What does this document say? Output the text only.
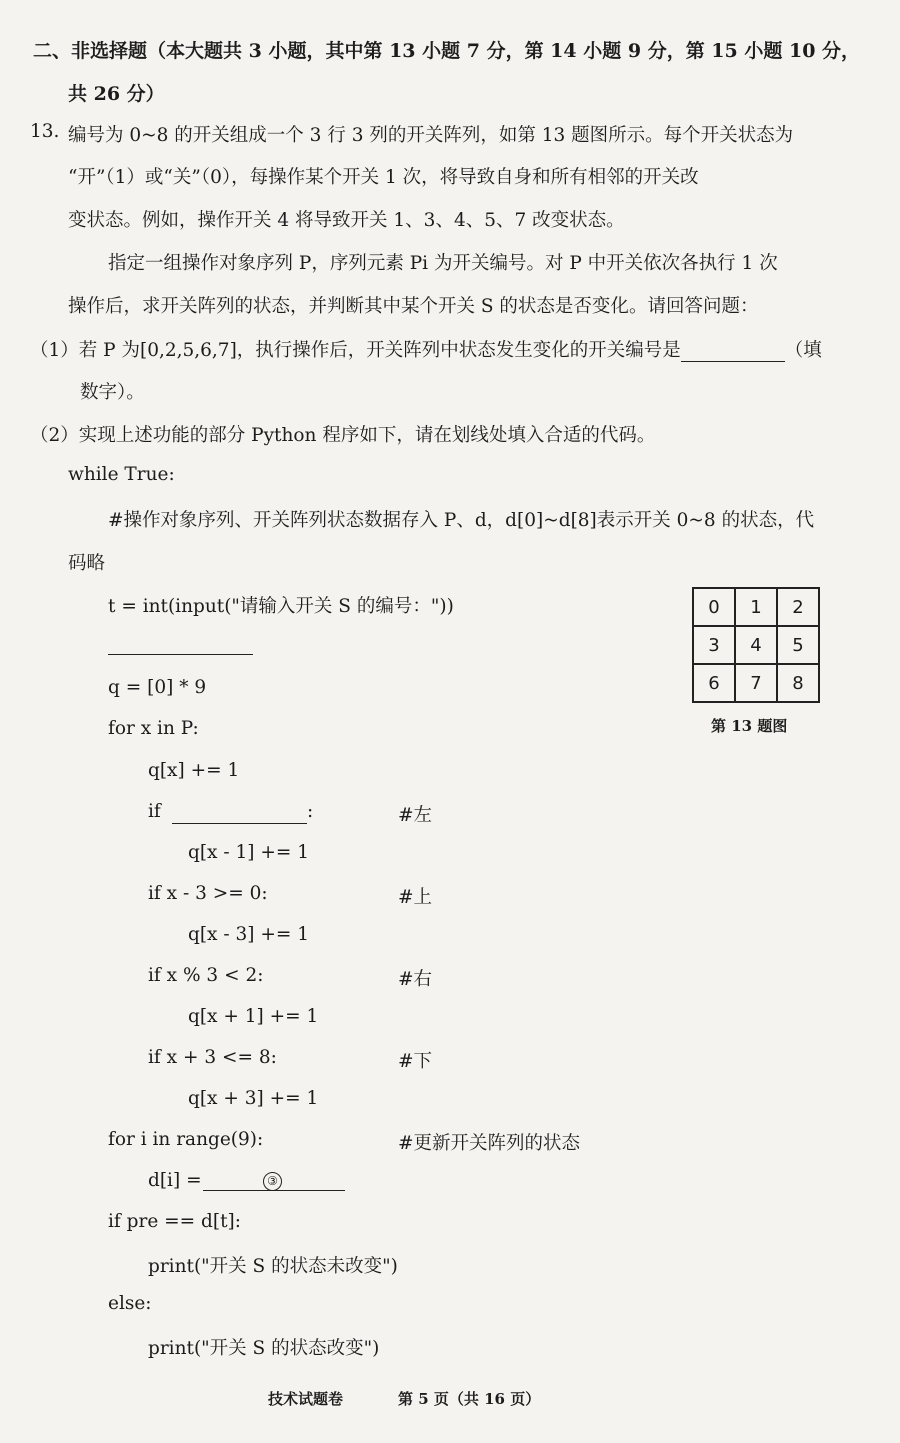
二、非选择题（本大题共 3 小题，其中第 13 小题 7 分，第 14 小题 9 分，第 15 小题 10 分，
共 26 分）
13. 编号为 0~8 的开关组成一个 3 行 3 列的开关阵列，如第 13 题图所示。每个开关状态为
“开”（1）或“关”（0），每操作某个开关 1 次，将导致自身和所有相邻的开关改
变状态。例如，操作开关 4 将导致开关 1、3、4、5、7 改变状态。
指定一组操作对象序列 P，序列元素 Pi 为开关编号。对 P 中开关依次各执行 1 次
操作后，求开关阵列的状态，并判断其中某个开关 S 的状态是否变化。请回答问题：
（1）若 P 为[0,2,5,6,7]，执行操作后，开关阵列中状态发生变化的开关编号是	（填
数字）。
（2）实现上述功能的部分 Python 程序如下，请在划线处填入合适的代码。
while True:
#操作对象序列、开关阵列状态数据存入 P、d，d[0]~d[8]表示开关 0~8 的状态，代
码略
t = int(input("请输入开关 S 的编号："))
q = [0] * 9
for x in P:
q[x] += 1
if	:	#左
q[x - 1] += 1
if x - 3 >= 0:	#上
q[x - 3] += 1
if x % 3 < 2:	#右
q[x + 1] += 1
if x + 3 <= 8:	#下
q[x + 3] += 1
for i in range(9):	#更新开关阵列的状态
d[i] =	③
if pre == d[t]:
print("开关 S 的状态未改变")
else:
print("开关 S 的状态改变")
0	1	2
3	4	5
6	7	8
第 13 题图
技术试题卷	第 5 页（共 16 页）
